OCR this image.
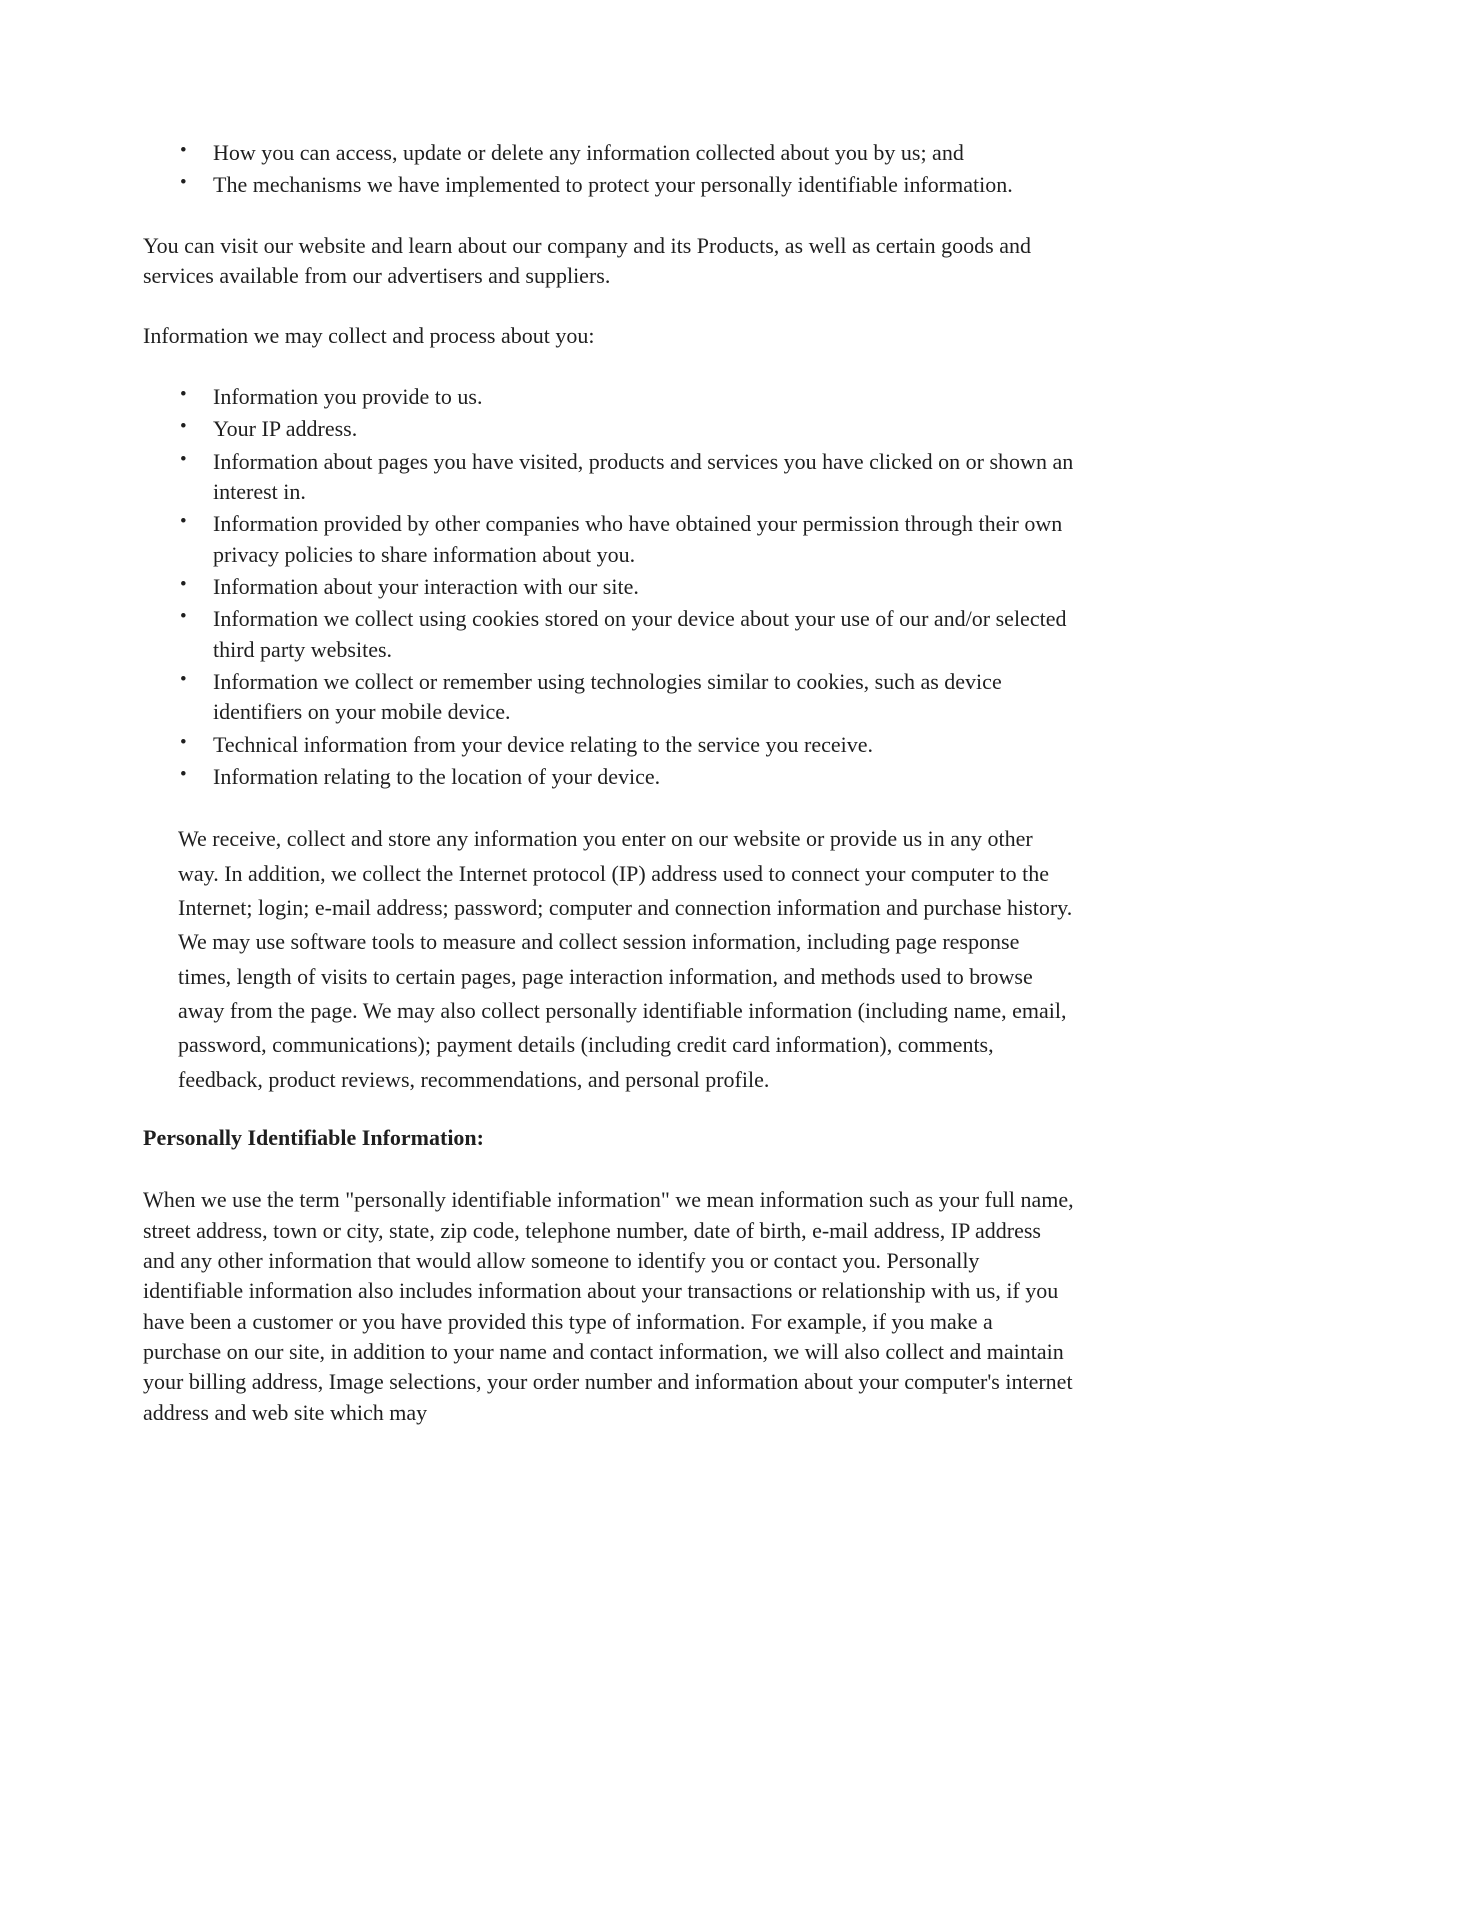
• How you can access, update or delete any information collected about you by us; and
• The mechanisms we have implemented to protect your personally identifiable information.

You can visit our website and learn about our company and its Products, as well as certain goods and services available from our advertisers and suppliers.

Information we may collect and process about you:

• Information you provide to us.
• Your IP address.
• Information about pages you have visited, products and services you have clicked on or shown an interest in.
• Information provided by other companies who have obtained your permission through their own privacy policies to share information about you.
• Information about your interaction with our site.
• Information we collect using cookies stored on your device about your use of our and/or selected third party websites.
• Information we collect or remember using technologies similar to cookies, such as device identifiers on your mobile device.
• Technical information from your device relating to the service you receive.
• Information relating to the location of your device.

We receive, collect and store any information you enter on our website or provide us in any other way. In addition, we collect the Internet protocol (IP) address used to connect your computer to the Internet; login; e-mail address; password; computer and connection information and purchase history. We may use software tools to measure and collect session information, including page response times, length of visits to certain pages, page interaction information, and methods used to browse away from the page. We may also collect personally identifiable information (including name, email, password, communications); payment details (including credit card information), comments, feedback, product reviews, recommendations, and personal profile.

Personally Identifiable Information:

When we use the term "personally identifiable information" we mean information such as your full name, street address, town or city, state, zip code, telephone number, date of birth, e-mail address, IP address and any other information that would allow someone to identify you or contact you. Personally identifiable information also includes information about your transactions or relationship with us, if you have been a customer or you have provided this type of information. For example, if you make a purchase on our site, in addition to your name and contact information, we will also collect and maintain your billing address, Image selections, your order number and information about your computer's internet address and web site which may
